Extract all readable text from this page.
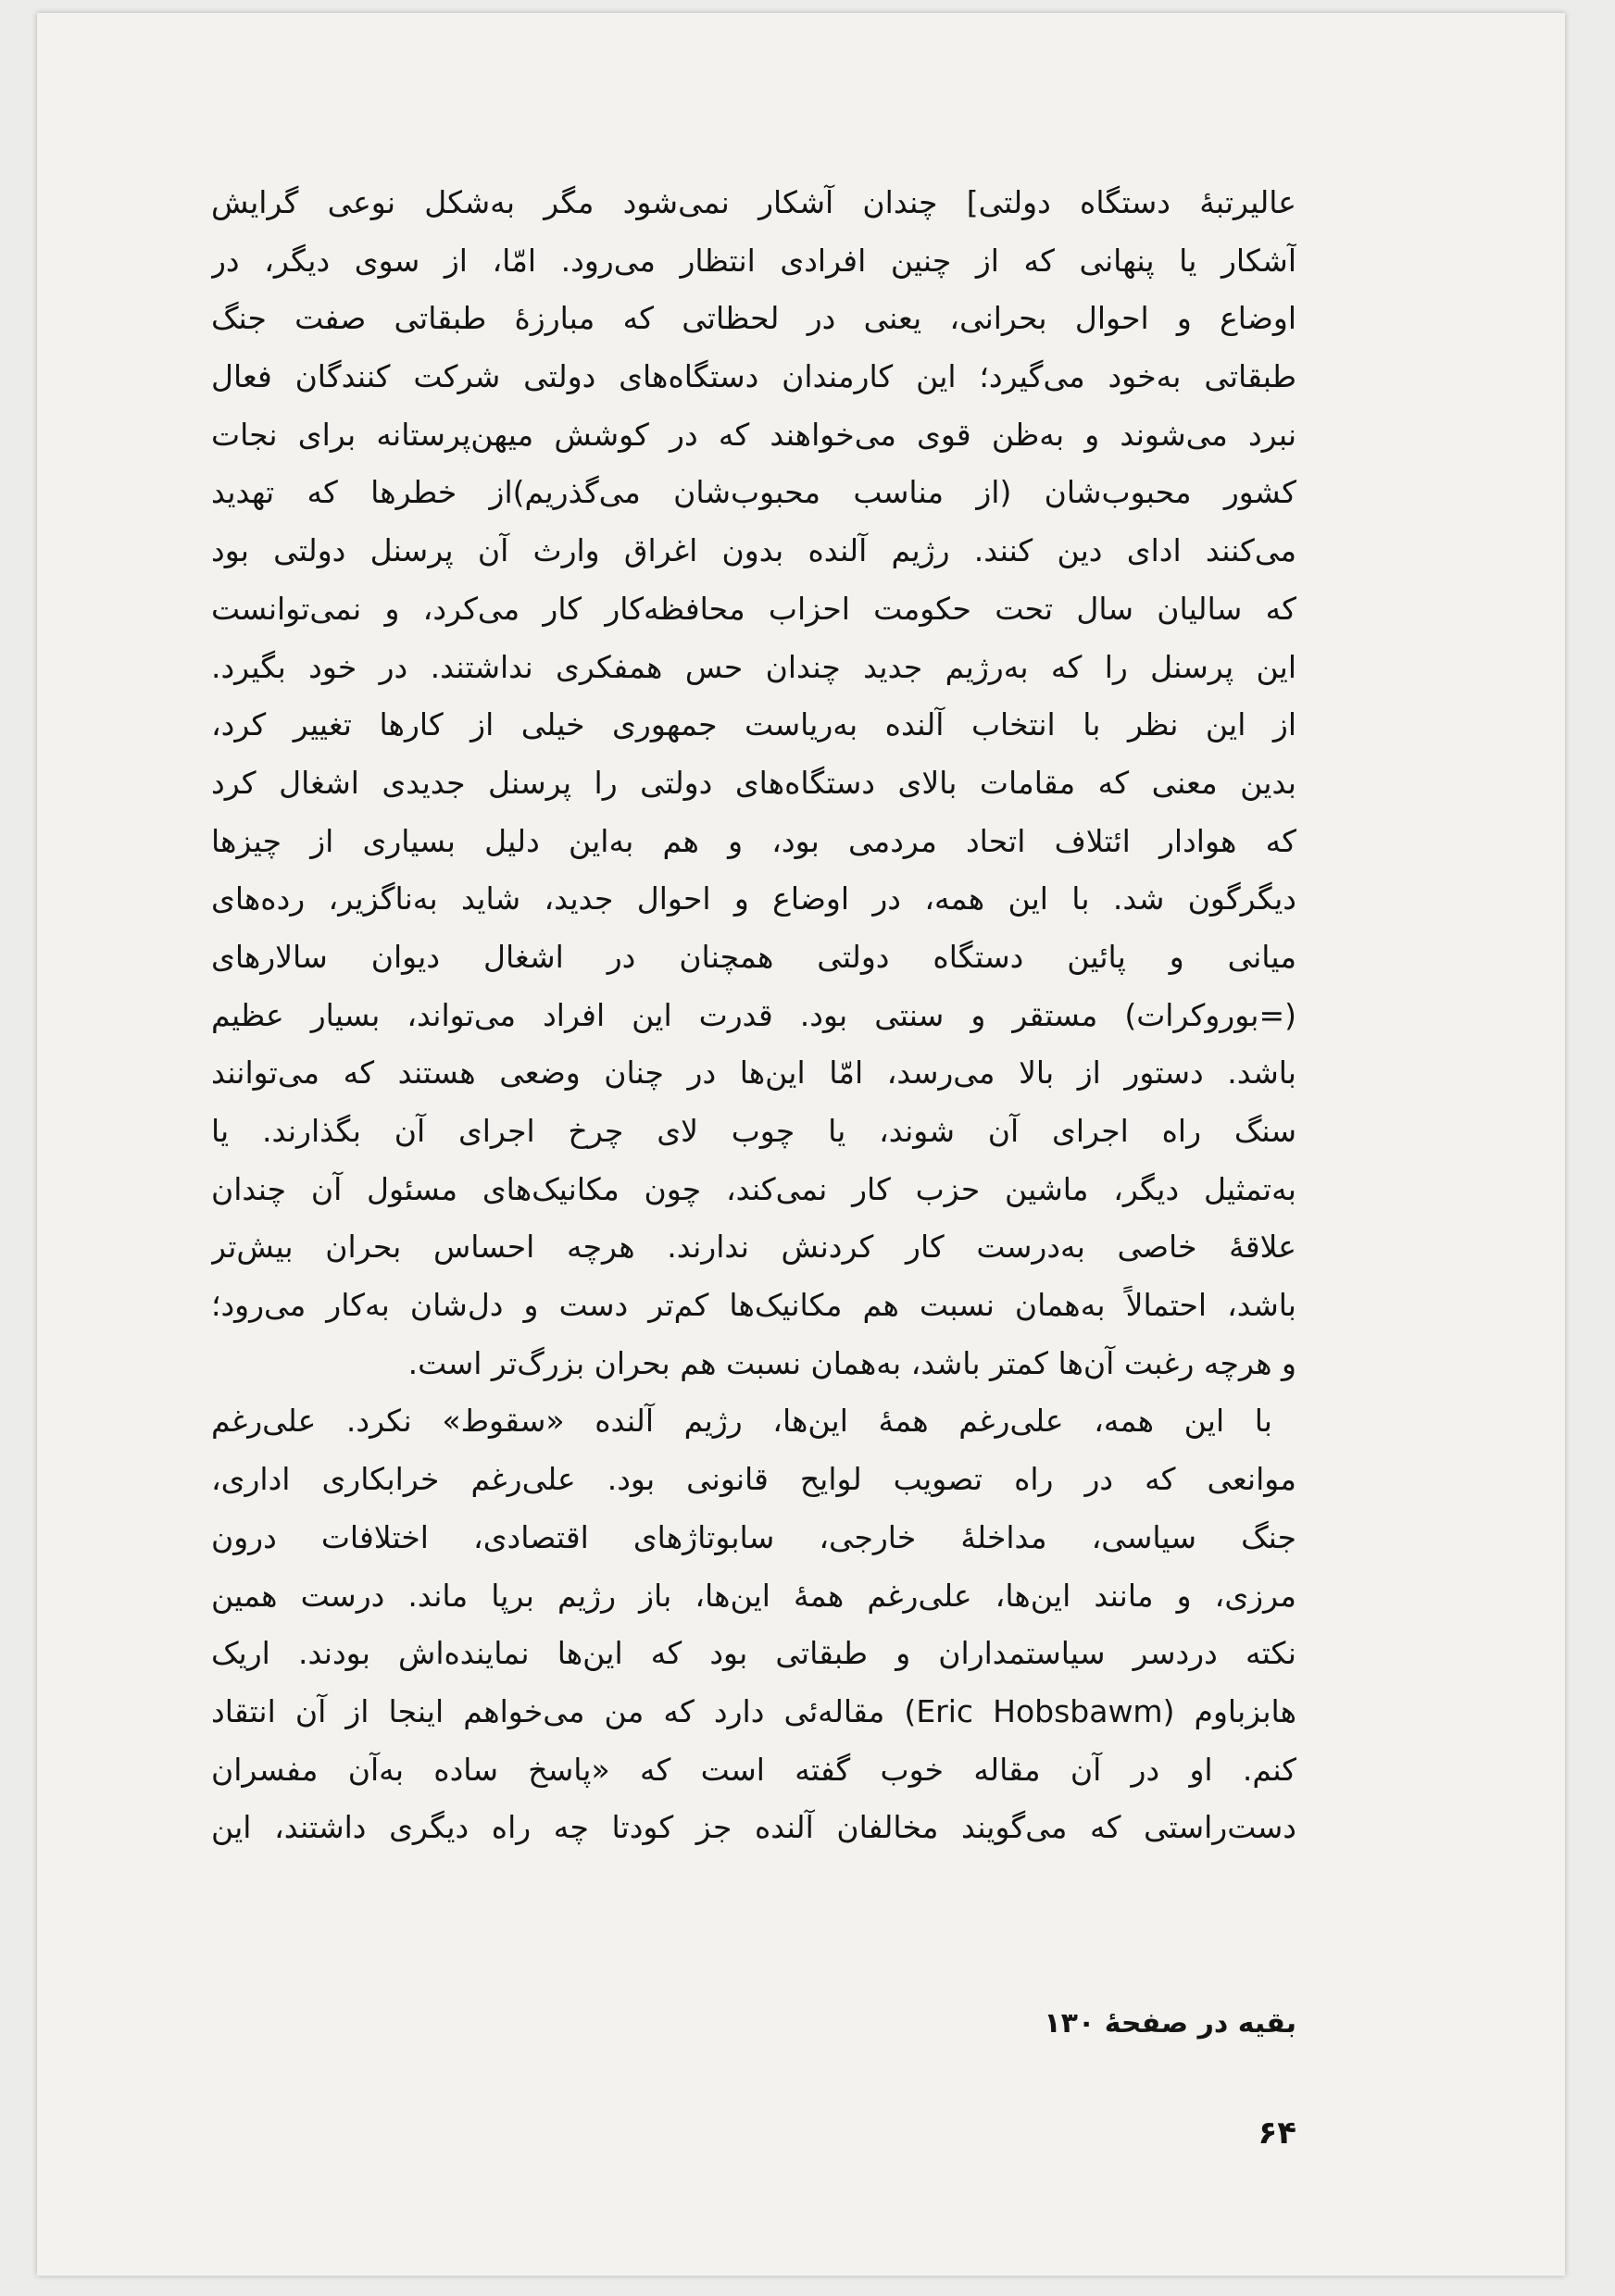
عالیرتبهٔ دستگاه دولتی] چندان آشکار نمی‌شود مگر به‌شکل نوعی گرایش
آشکار یا پنهانی که از چنین افرادی انتظار می‌رود. امّا، از سوی دیگر، در
اوضاع و احوال بحرانی، یعنی در لحظاتی که مبارزهٔ طبقاتی صفت جنگ
طبقاتی به‌خود می‌گیرد؛ این کارمندان دستگاه‌های دولتی شرکت کنندگان فعال
نبرد می‌شوند و به‌ظن قوی می‌خواهند که در کوشش میهن‌پرستانه برای نجات
کشور محبوب‌شان (از مناسب محبوب‌شان می‌گذریم)از خطرها که تهدید
می‌کنند ادای دین کنند. رژیم آلنده بدون اغراق وارث آن پرسنل دولتی بود
که سالیان سال تحت حکومت احزاب محافظه‌کار کار می‌کرد، و نمی‌توانست
این پرسنل را که به‌رژیم جدید چندان حس همفکری نداشتند. در خود بگیرد.
از این نظر با انتخاب آلنده به‌ریاست جمهوری خیلی از کارها تغییر کرد،
بدین معنی که مقامات بالای دستگاه‌های دولتی را پرسنل جدیدی اشغال کرد
که هوادار ائتلاف اتحاد مردمی بود، و هم به‌این دلیل بسیاری از چیزها
دیگرگون شد. با این همه، در اوضاع و احوال جدید، شاید به‌ناگزیر، رده‌های
میانی و پائین دستگاه دولتی همچنان در اشغال دیوان سالارهای
(=بوروکرات) مستقر و سنتی بود. قدرت این افراد می‌تواند، بسیار عظیم
باشد. دستور از بالا می‌رسد، امّا این‌ها در چنان وضعی هستند که می‌توانند
سنگ راه اجرای آن شوند، یا چوب لای چرخ اجرای آن بگذارند. یا
به‌تمثیل دیگر، ماشین حزب کار نمی‌کند، چون مکانیک‌های مسئول آن چندان
علاقهٔ خاصی به‌درست کار کردنش ندارند. هرچه احساس بحران بیش‌تر
باشد، احتمالاً به‌همان نسبت هم مکانیک‌ها کم‌تر دست و دل‌شان به‌کار می‌رود؛
و هرچه رغبت آن‌ها کمتر باشد، به‌همان نسبت هم بحران بزرگ‌تر است.
با این همه، علی‌رغم همهٔ این‌ها، رژیم آلنده «سقوط» نکرد. علی‌رغم
موانعی که در راه تصویب لوایح قانونی بود. علی‌رغم خرابکاری اداری،
جنگ سیاسی، مداخلهٔ خارجی، سابوتاژهای اقتصادی، اختلافات درون
مرزی، و مانند این‌ها، علی‌رغم همهٔ این‌ها، باز رژیم برپا ماند. درست همین
نکته دردسر سیاستمداران و طبقاتی بود که این‌ها نماینده‌اش بودند. اریک
هابزباوم (Eric Hobsbawm) مقاله‌ئی دارد که من می‌خواهم اینجا از آن انتقاد
کنم. او در آن مقاله خوب گفته است که «پاسخ ساده به‌آن مفسران
دست‌راستی که می‌گویند مخالفان آلنده جز کودتا چه راه دیگری داشتند، این
بقیه در صفحهٔ ۱۳۰
۶۴
